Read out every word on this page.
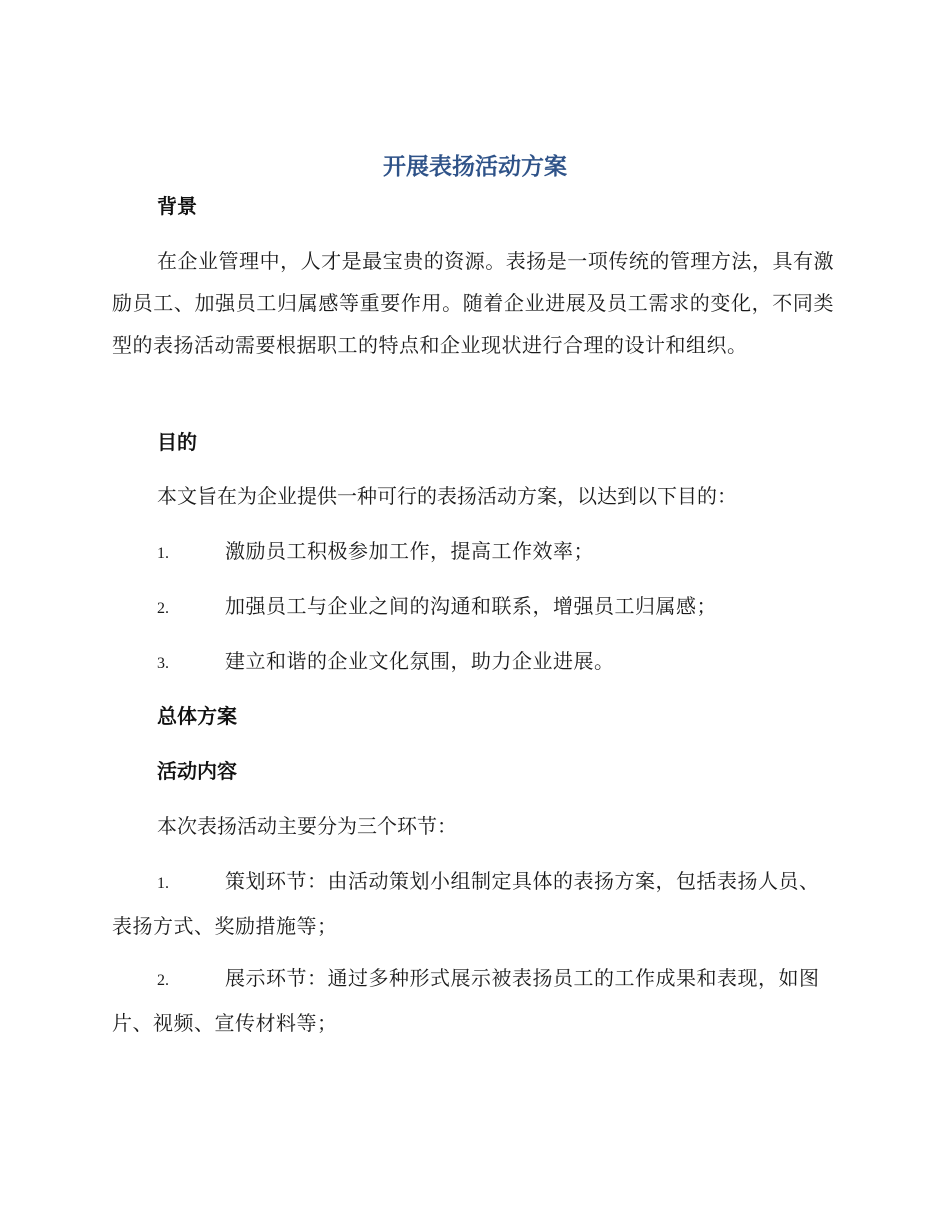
开展表扬活动方案
背景

在企业管理中，人才是最宝贵的资源。表扬是一项传统的管理方法，具有激励员工、加强员工归属感等重要作用。随着企业进展及员工需求的变化，不同类型的表扬活动需要根据职工的特点和企业现状进行合理的设计和组织。

目的

本文旨在为企业提供一种可行的表扬活动方案，以达到以下目的：

1.	激励员工积极参加工作，提高工作效率；

2.	加强员工与企业之间的沟通和联系，增强员工归属感；

3.	建立和谐的企业文化氛围，助力企业进展。

总体方案
活动内容

本次表扬活动主要分为三个环节：

1.	策划环节：由活动策划小组制定具体的表扬方案，包括表扬人员、表扬方式、奖励措施等；

2.	展示环节：通过多种形式展示被表扬员工的工作成果和表现，如图片、视频、宣传材料等；
